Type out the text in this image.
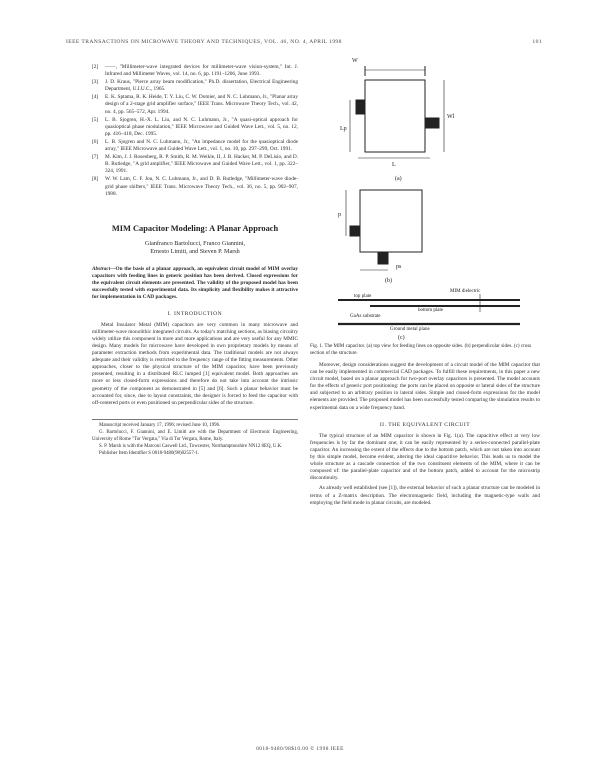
IEEE TRANSACTIONS ON MICROWAVE THEORY AND TECHNIQUES, VOL. 46, NO. 4, APRIL 1998	101

[2] ——, "Millimeter-wave integrated devices for millimeter-wave vision-system," Int. J. Infrared and Millimeter Waves, vol. 14, no. 6, pp. 1191–1206, June 1993.

[3] J. D. Kraus, "Pierce array beam modification," Ph.D. dissertation, Electrical Engineering Department, U.I.U.C., 1965.

[4] E. K. Sptama, R. K. Heide, T. Y. Liu, C. W. Domier, and N. C. Luhmann, Jr., "Planar array design of a 2-stage grid amplifier surface," IEEE Trans. Microwave Theory Tech., vol. 42, no. 4, pp. 565–572, Apr. 1994.

[5] L. B. Sjogren, H.-X. L. Liu, and N. C. Luhmann, Jr., "A quasi-optical approach for quasioptical phase modulation," IEEE Microwave and Guided Wave Lett., vol. 5, no. 12, pp. 416–418, Dec. 1995.

[6] L. B. Sjogren and N. C. Luhmann, Jr., "An impedance model for the quasioptical diode array," IEEE Microwave and Guided Wave Lett., vol. 1, no. 10, pp. 297–299, Oct. 1991.

[7] M. Kim, J. J. Rosenberg, R. P. Smith, R. M. Weikle, II, J. B. Hacker, M. P. DeLisio, and D. B. Rutledge, "A grid amplifier," IEEE Microwave and Guided Wave Lett., vol. 1, pp. 322–324, 1991.

[8] W. W. Lam, C. F. Jou, N. C. Luhmann, Jr., and D. B. Rutledge, "Millimeter-wave diode-grid phase shifters," IEEE Trans. Microwave Theory Tech., vol. 36, no. 5, pp. 902–907, 1988.

MIM Capacitor Modeling: A Planar Approach
Gianfranco Bartolucci, Franco Giannini,
Ernesto Limiti, and Steven P. Marsh
Abstract—On the basis of a planar approach, an equivalent circuit model of MIM overlay capacitors with feeding lines in generic position has been derived. Closed expressions for the equivalent circuit elements are presented. The validity of the proposed model has been successfully tested with experimental data. Its simplicity and flexibility makes it attractive for implementation in CAD packages.
I. INTRODUCTION

Metal Insulator Metal (MIM) capacitors are very common in many microwave and millimeter-wave monolithic integrated circuits. As today's matching sections, as biasing circuitry widely utilize this component in more and more applications and are very useful for any MMIC design. Many models for microwave have developed in own proprietary models by means of parameter extraction methods from experimental data. The traditional models are not always adequate and their validity is restricted to the frequency range of the fitting measurements. Other approaches, closer to the physical structure of the MIM capacitor, have been previously presented, resulting in a distributed RLC lumped [1] equivalent model. Both approaches are more or less closed-form expressions and therefore do not take into account the intrinsic geometry of the component as demonstrated in [5] and [6]. Such a planar behavior must be accounted for, since, due to layout constraints, the designer is forced to feed the capacitor with off-centered ports or even positioned on perpendicular sides of the structure.

Manuscript received January 17, 1996; revised June 10, 1996.

G. Bartolucci, F. Giannini, and E. Limiti are with the Department of Electronic Engineering, University of Rome "Tor Vergata," Via di Tor Vergata, Rome, Italy.

S. P. Marsh is with the Marconi Caswell Ltd., Towcester, Northamptonshire NN12 8EQ, U.K.

Publisher Item Identifier S 0018-9480(98)02557-1.

W
Lp
Wl
L
(a)
p
ps
(b)
MIM dielectric
top plate
bottom plate
GaAs substrate
Ground metal plane
(c)
Fig. 1. The MIM capacitor. (a) top view for feeding lines on opposite sides. (b) perpendicular sides. (c) cross section of the structure.

Moreover, design considerations suggest the development of a circuit model of the MIM capacitor that can be easily implemented in commercial CAD packages. To fulfill these requirements, in this paper a new circuit model, based on a planar approach for two-port overlay capacitors is presented. The model accounts for the effects of generic port positioning: the ports can be placed on opposite or lateral sides of the structure and subjected to an arbitrary position in lateral sides. Simple and closed-form expressions for the model elements are provided. The proposed model has been successfully tested comparing the simulation results to experimental data on a wide frequency band.

II. THE EQUIVALENT CIRCUIT

The typical structure of an MIM capacitor is shown in Fig. 1(a). The capacitive effect at very low frequencies is by far the dominant one; it can be easily represented by a series-connected parallel-plate capacitor. An increasing the extent of the effects due to the bottom patch, which are not taken into account by this simple model, become evident, altering the ideal capacitive behavior. This leads us to model the whole structure as a cascade connection of the two constituent elements of the MIM, where it can be composed of: the parallel-plate capacitor and of the bottom patch, added to account for the microstrip discontinuity.

As already well established (see [1]), the external behavior of such a planar structure can be modeled in terms of a Z-matrix description. The electromagnetic field, including the magnetic-type walls and employing the field mode in planar circuits, are modeled.

0018-9480/98$10.00 © 1998 IEEE
